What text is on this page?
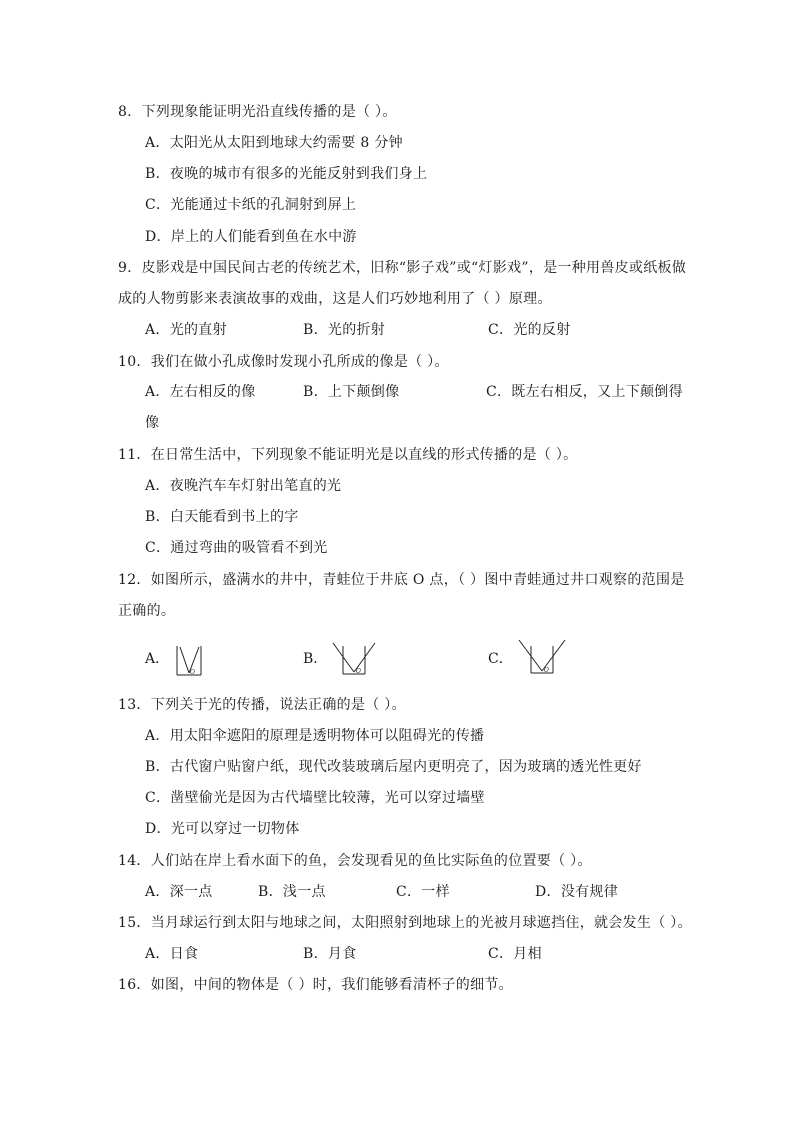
8．下列现象能证明光沿直线传播的是（ ）。
A．太阳光从太阳到地球大约需要 8 分钟
B．夜晚的城市有很多的光能反射到我们身上
C．光能通过卡纸的孔洞射到屏上
D．岸上的人们能看到鱼在水中游
9．皮影戏是中国民间古老的传统艺术，旧称“影子戏”或“灯影戏”，是一种用兽皮或纸板做成的人物剪影来表演故事的戏曲，这是人们巧妙地利用了（ ）原理。
A．光的直射	B．光的折射	C．光的反射
10．我们在做小孔成像时发现小孔所成的像是（ ）。
A．左右相反的像	B．上下颠倒像	C．既左右相反，又上下颠倒得
像
11．在日常生活中，下列现象不能证明光是以直线的形式传播的是（ ）。
A．夜晚汽车车灯射出笔直的光
B．白天能看到书上的字
C．通过弯曲的吸管看不到光
12．如图所示，盛满水的井中，青蛙位于井底 O 点，（ ）图中青蛙通过井口观察的范围是正确的。
A．
O
B．
O
C．
O
13．下列关于光的传播，说法正确的是（ ）。
A．用太阳伞遮阳的原理是透明物体可以阻碍光的传播
B．古代窗户贴窗户纸，现代改装玻璃后屋内更明亮了，因为玻璃的透光性更好
C．凿壁偷光是因为古代墙壁比较薄，光可以穿过墙壁
D．光可以穿过一切物体
14．人们站在岸上看水面下的鱼，会发现看见的鱼比实际鱼的位置要（ ）。
A．深一点	B．浅一点	C．一样	D．没有规律
15．当月球运行到太阳与地球之间，太阳照射到地球上的光被月球遮挡住，就会发生（ ）。
A．日食	B．月食	C．月相
16．如图，中间的物体是（ ）时，我们能够看清杯子的细节。
